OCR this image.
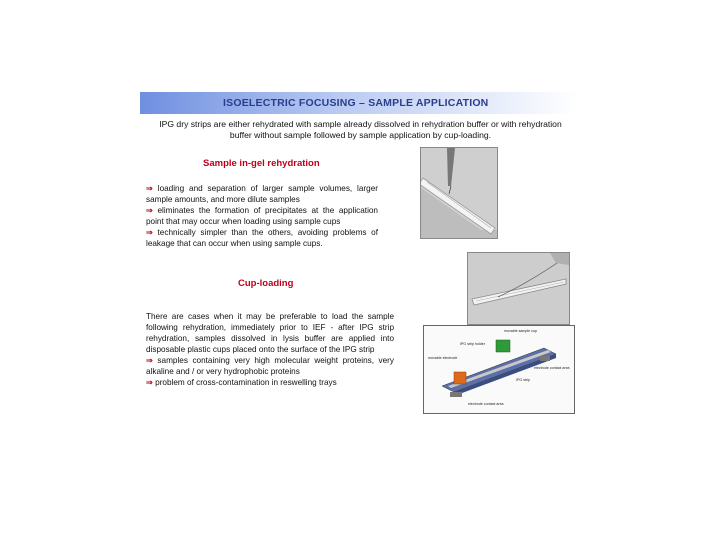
ISOELECTRIC FOCUSING – SAMPLE APPLICATION
IPG dry strips are either rehydrated with sample already dissolved in rehydration buffer or with rehydration buffer without sample followed by sample application by cup-loading.
Sample in-gel rehydration

⇒ loading and separation of larger sample volumes, larger sample amounts, and more dilute samples

⇒ eliminates the formation of precipitates at the application point that may occur when loading using sample cups

⇒ technically simpler than the others, avoiding problems of leakage that can occur when using sample cups.

Cup-loading

There are cases when it may be preferable to load the sample following rehydration, immediately prior to IEF - after IPG strip rehydration, samples dissolved in lysis buffer are applied into disposable plastic cups placed onto the surface of the IPG strip

⇒ samples containing very high molecular weight proteins, very alkaline and / or very hydrophobic proteins

⇒ problem of cross-contamination in reswelling trays

movable sample cup
IPG strip holder
movable electrode
electrode contact area
IPG strip
electrode contact area
